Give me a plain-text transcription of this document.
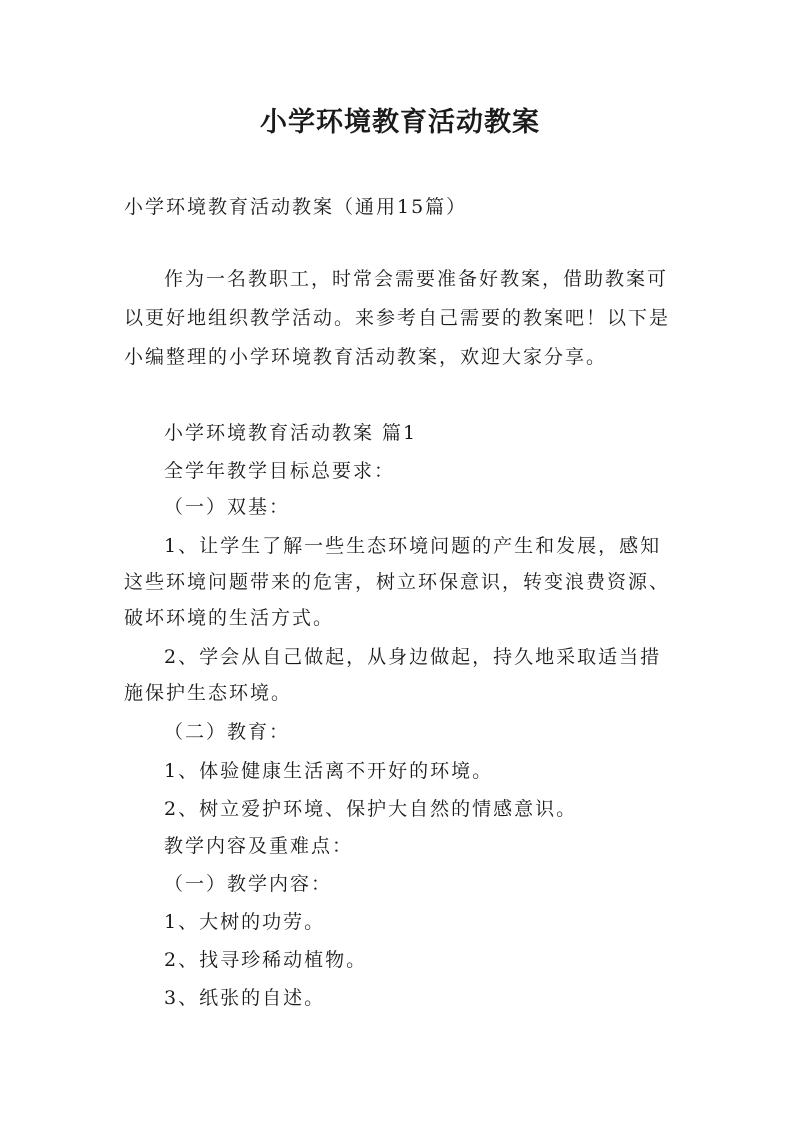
小学环境教育活动教案
小学环境教育活动教案（通用15篇）
作为一名教职工，时常会需要准备好教案，借助教案可
以更好地组织教学活动。来参考自己需要的教案吧！以下是
小编整理的小学环境教育活动教案，欢迎大家分享。
小学环境教育活动教案 篇1
全学年教学目标总要求：
（一）双基：
1、让学生了解一些生态环境问题的产生和发展，感知
这些环境问题带来的危害，树立环保意识，转变浪费资源、
破坏环境的生活方式。
2、学会从自己做起，从身边做起，持久地采取适当措
施保护生态环境。
（二）教育：
1、体验健康生活离不开好的环境。
2、树立爱护环境、保护大自然的情感意识。
教学内容及重难点：
（一）教学内容：
1、大树的功劳。
2、找寻珍稀动植物。
3、纸张的自述。
